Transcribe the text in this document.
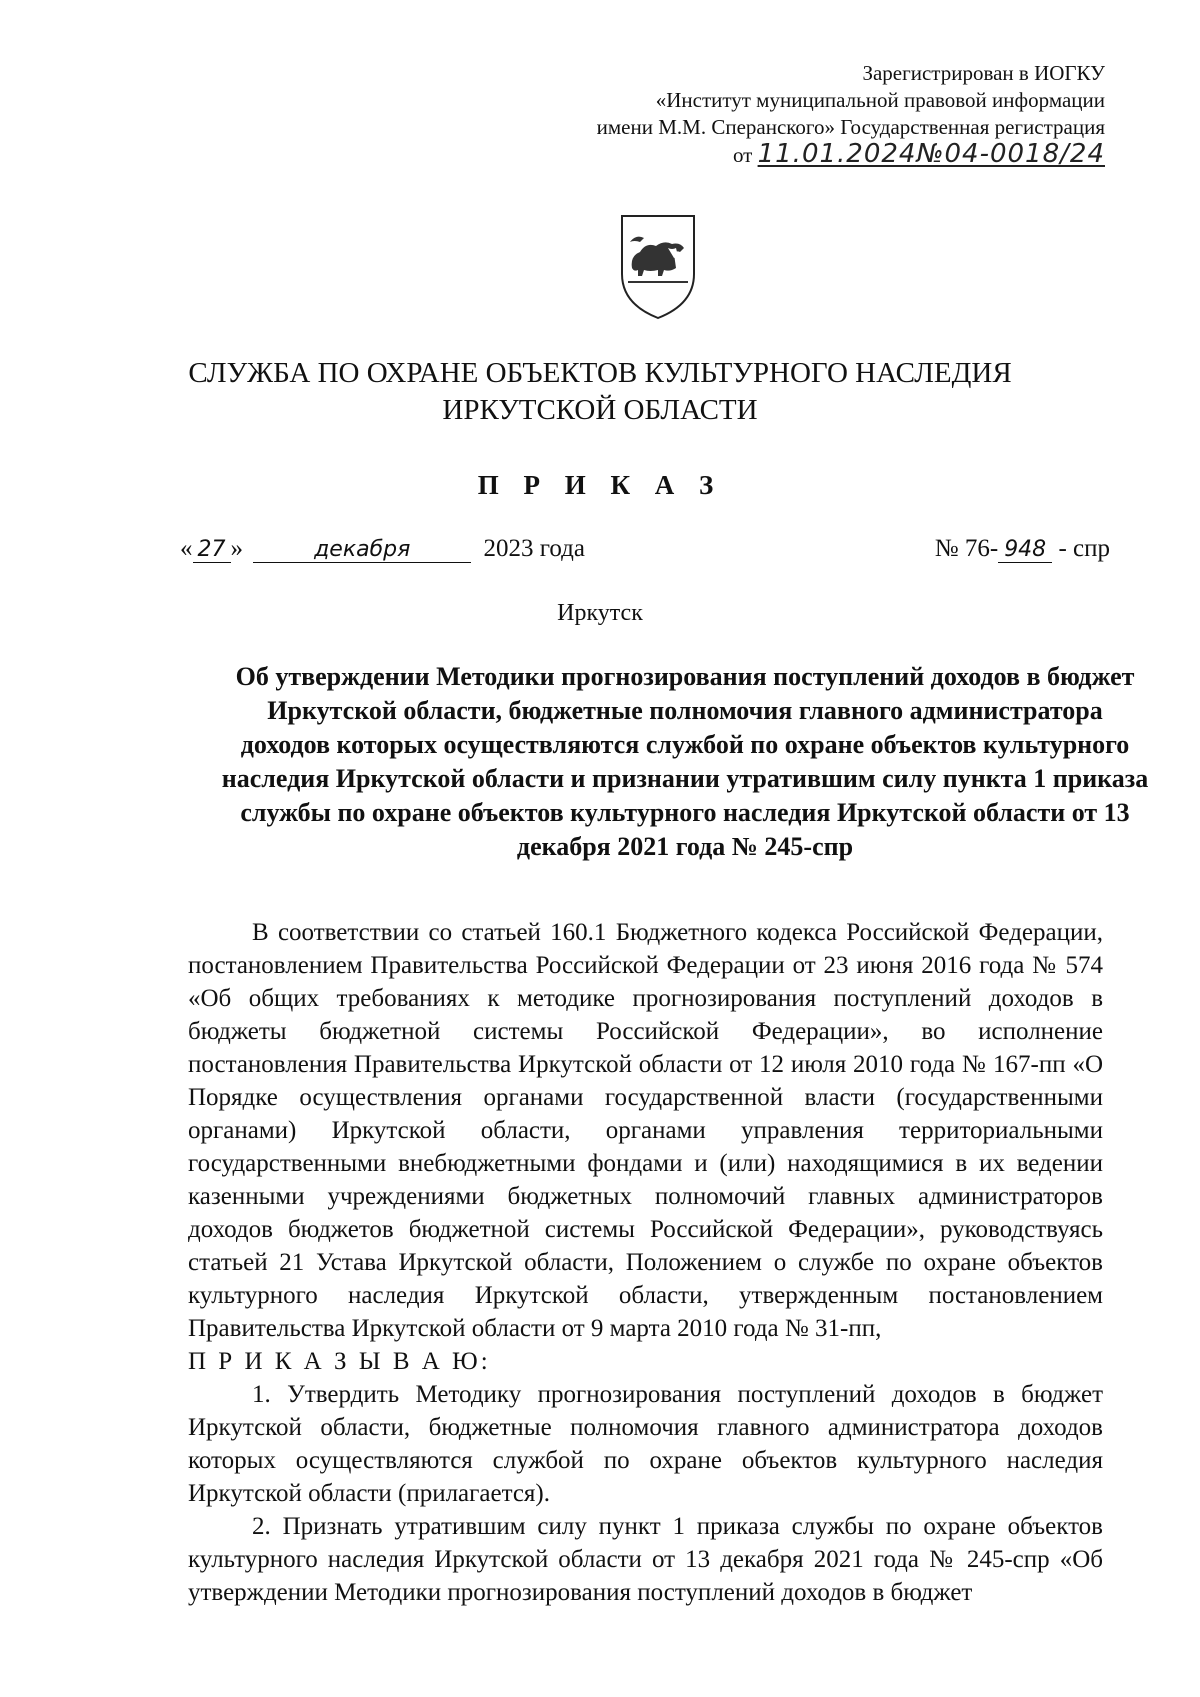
Зарегистрирован в ИОГКУ
«Институт муниципальной правовой информации
имени М.М. Сперанского» Государственная регистрация
от 11.01.2024№04-0018/24
СЛУЖБА ПО ОХРАНЕ ОБЪЕКТОВ КУЛЬТУРНОГО НАСЛЕДИЯ
ИРКУТСКОЙ ОБЛАСТИ
П Р И К А З
« 27 »	декабря	2023 года	№ 76- 948 - спр
Иркутск
Об утверждении Методики прогнозирования поступлений доходов в бюджет Иркутской области, бюджетные полномочия главного администратора доходов которых осуществляются службой по охране объектов культурного наследия Иркутской области и признании утратившим силу пункта 1 приказа службы по охране объектов культурного наследия Иркутской области от 13 декабря 2021 года № 245-спр

В соответствии со статьей 160.1 Бюджетного кодекса Российской Федерации, постановлением Правительства Российской Федерации от 23 июня 2016 года № 574 «Об общих требованиях к методике прогнозирования поступлений доходов в бюджеты бюджетной системы Российской Федерации», во исполнение постановления Правительства Иркутской области от 12 июля 2010 года № 167-пп «О Порядке осуществления органами государственной власти (государственными органами) Иркутской области, органами управления территориальными государственными внебюджетными фондами и (или) находящимися в их ведении казенными учреждениями бюджетных полномочий главных администраторов доходов бюджетов бюджетной системы Российской Федерации», руководствуясь статьей 21 Устава Иркутской области, Положением о службе по охране объектов культурного наследия Иркутской области, утвержденным постановлением Правительства Иркутской области от 9 марта 2010 года № 31-пп,

П Р И К А З Ы В А Ю:

1. Утвердить Методику прогнозирования поступлений доходов в бюджет Иркутской области, бюджетные полномочия главного администратора доходов которых осуществляются службой по охране объектов культурного наследия Иркутской области (прилагается).

2. Признать утратившим силу пункт 1 приказа службы по охране объектов культурного наследия Иркутской области от 13 декабря 2021 года № 245-спр «Об утверждении Методики прогнозирования поступлений доходов в бюджет
